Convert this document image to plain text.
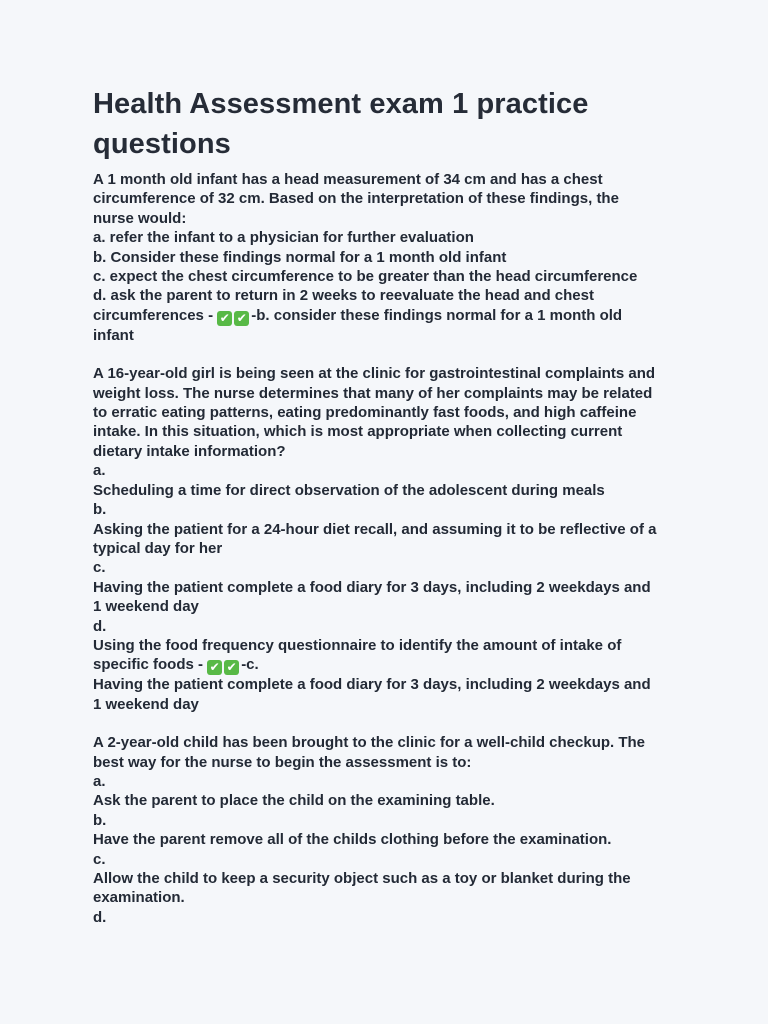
Health Assessment exam 1 practice questions
A 1 month old infant has a head measurement of 34 cm and has a chest
circumference of 32 cm. Based on the interpretation of these findings, the
nurse would:
a. refer the infant to a physician for further evaluation
b. Consider these findings normal for a 1 month old infant
c. expect the chest circumference to be greater than the head circumference
d. ask the parent to return in 2 weeks to reevaluate the head and chest
circumferences - ✔ ✔ -b. consider these findings normal for a 1 month old
infant
A 16-year-old girl is being seen at the clinic for gastrointestinal complaints and
weight loss. The nurse determines that many of her complaints may be related
to erratic eating patterns, eating predominantly fast foods, and high caffeine
intake. In this situation, which is most appropriate when collecting current
dietary intake information?
a.
Scheduling a time for direct observation of the adolescent during meals
b.
Asking the patient for a 24-hour diet recall, and assuming it to be reflective of a
typical day for her
c.
Having the patient complete a food diary for 3 days, including 2 weekdays and
1 weekend day
d.
Using the food frequency questionnaire to identify the amount of intake of
specific foods - ✔ ✔ -c.
Having the patient complete a food diary for 3 days, including 2 weekdays and
1 weekend day
A 2-year-old child has been brought to the clinic for a well-child checkup. The
best way for the nurse to begin the assessment is to:
a.
Ask the parent to place the child on the examining table.
b.
Have the parent remove all of the childs clothing before the examination.
c.
Allow the child to keep a security object such as a toy or blanket during the
examination.
d.
